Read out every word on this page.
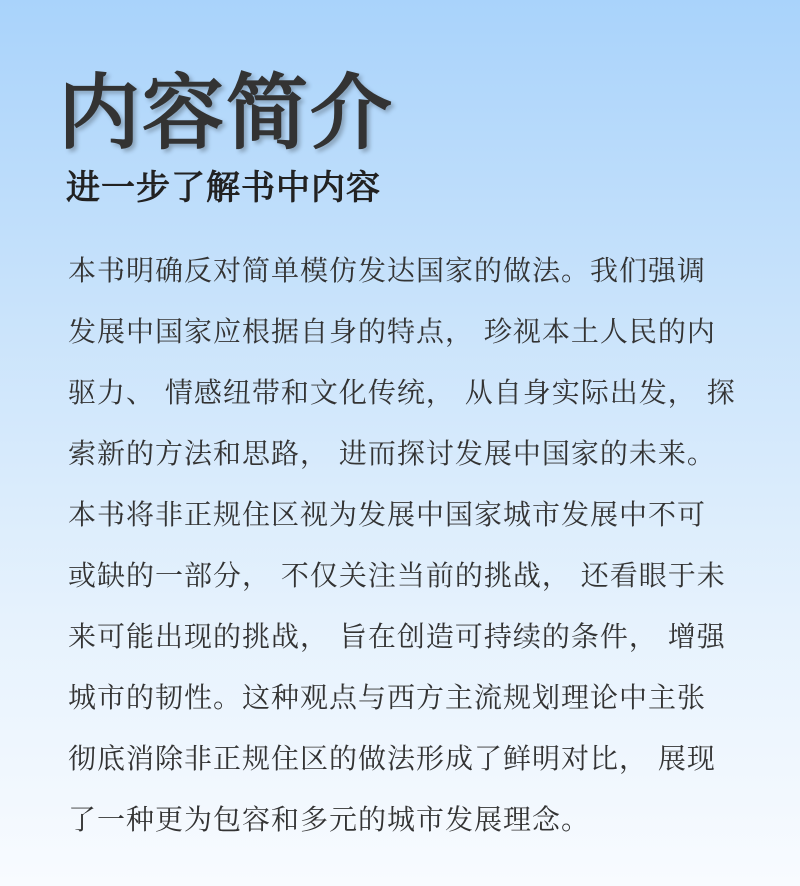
内容简介
进一步了解书中内容
本书明确反对简单模仿发达国家的做法。我们强调
发展中国家应根据自身的特点， 珍视本土人民的内
驱力、 情感纽带和文化传统， 从自身实际出发， 探
索新的方法和思路， 进而探讨发展中国家的未来。
本书将非正规住区视为发展中国家城市发展中不可
或缺的一部分， 不仅关注当前的挑战， 还看眼于未
来可能出现的挑战， 旨在创造可持续的条件， 增强
城市的韧性。这种观点与西方主流规划理论中主张
彻底消除非正规住区的做法形成了鲜明对比， 展现
了一种更为包容和多元的城市发展理念。
